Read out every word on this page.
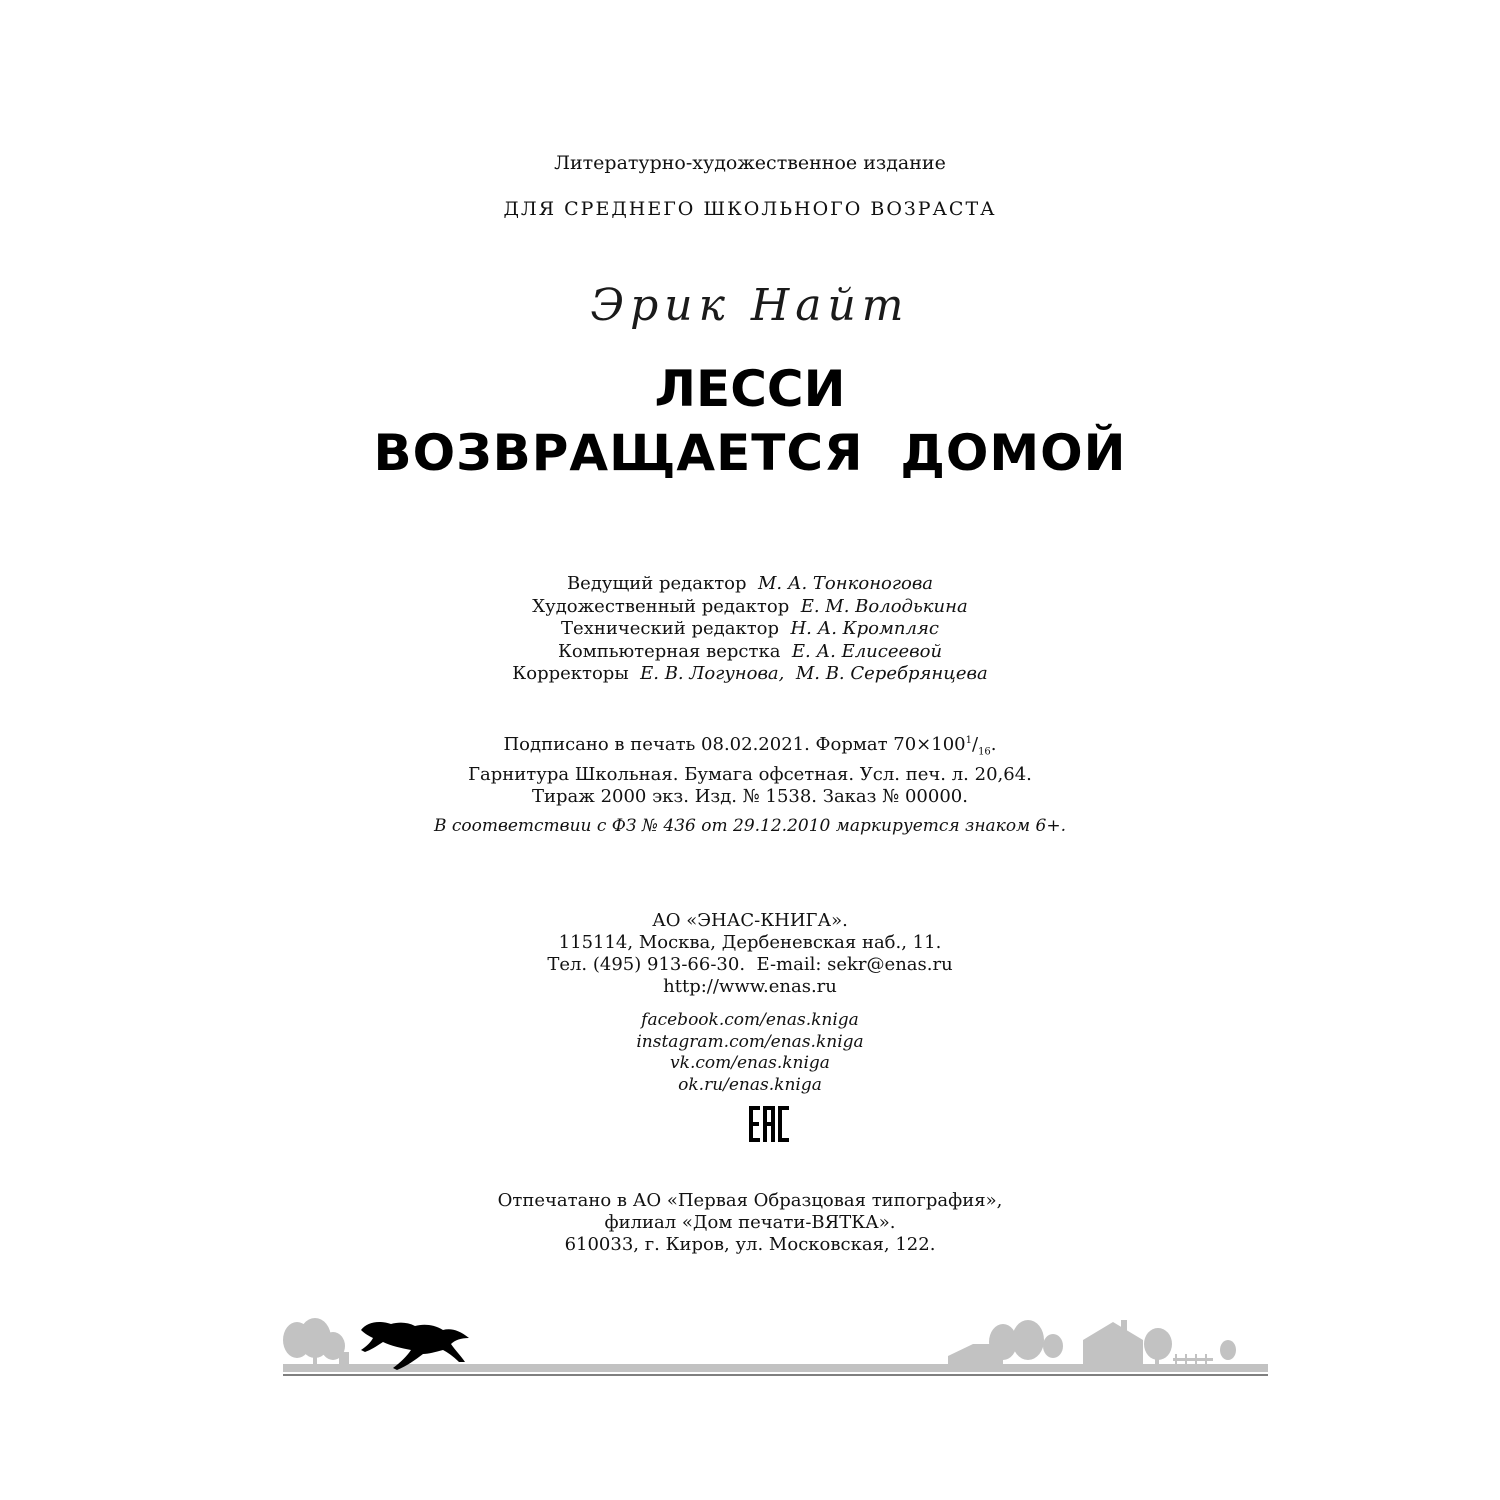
Литературно-художественное издание
ДЛЯ СРЕДНЕГО ШКОЛЬНОГО ВОЗРАСТА
Эрик Найт
ЛЕССИ
ВОЗВРАЩАЕТСЯ  ДОМОЙ
Ведущий редактор М. А. Тонконогова
Художественный редактор Е. М. Володькина
Технический редактор Н. А. Кромпляс
Компьютерная верстка Е. А. Елисеевой
Корректоры Е. В. Логунова,  М. В. Серебрянцева
Подписано в печать 08.02.2021. Формат $70\times 100^1/_{16}$.
Гарнитура Школьная. Бумага офсетная. Усл. печ. л. 20,64.
Тираж 2000 экз. Изд. № 1538. Заказ № 00000.
В соответствии с ФЗ № 436 от 29.12.2010 маркируется знаком 6+.
АО «ЭНАС-КНИГА».
115114, Москва, Дербеневская наб., 11.
Тел. (495) 913-66-30.  E-mail: sekr@enas.ru
http://www.enas.ru
facebook.com/enas.kniga
instagram.com/enas.kniga
vk.com/enas.kniga
ok.ru/enas.kniga
Отпечатано в АО «Первая Образцовая типография»,
филиал «Дом печати-ВЯТКА».
610033, г. Киров, ул. Московская, 122.
